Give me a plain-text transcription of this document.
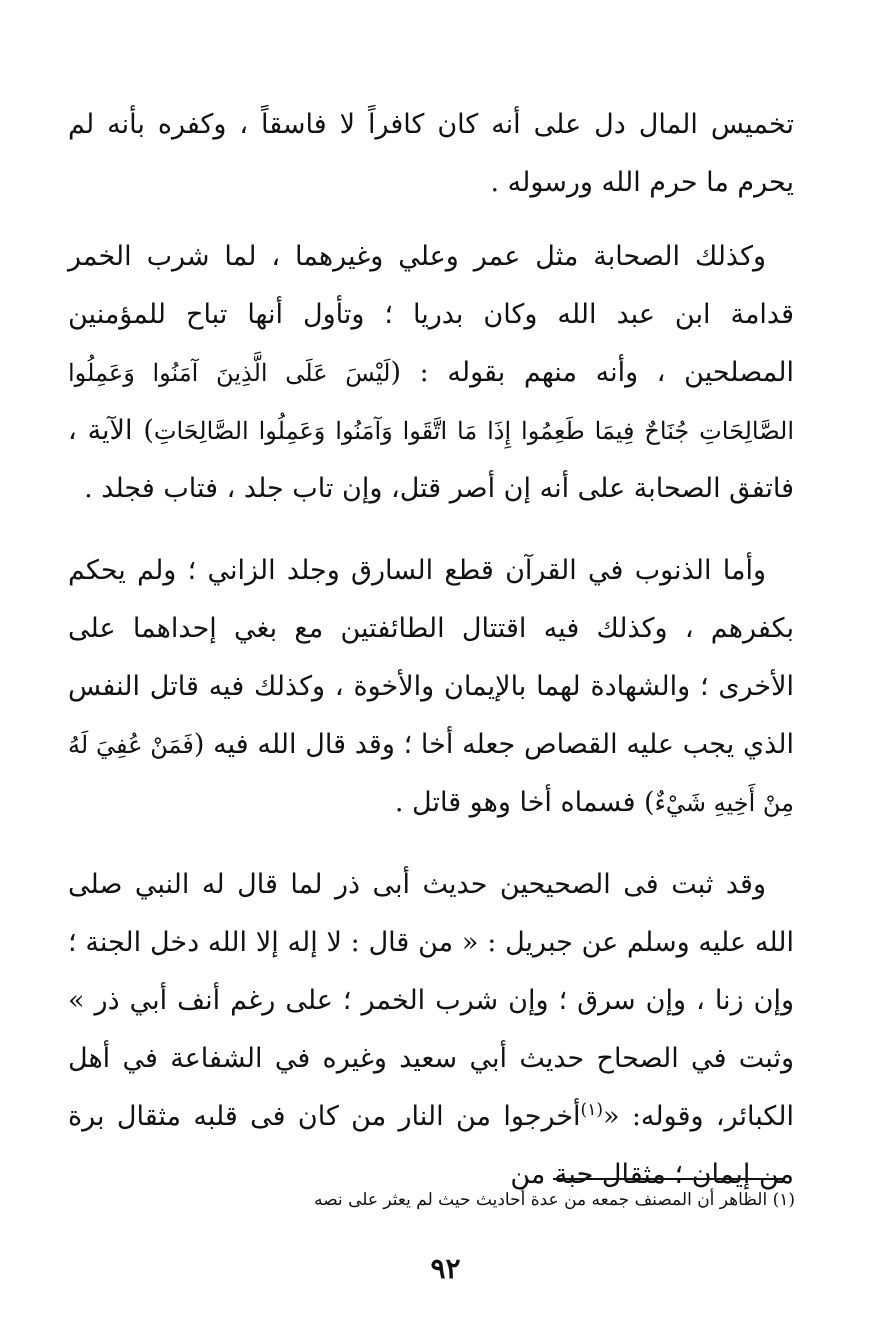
تخميس المال دل على أنه كان كافراً لا فاسقاً ، وكفره بأنه لم يحرم ما حرم الله ورسوله .

وكذلك الصحابة مثل عمر وعلي وغيرهما ، لما شرب الخمر قدامة ابن عبد الله وكان بدريا ؛ وتأول أنها تباح للمؤمنين المصلحين ، وأنه منهم بقوله : (لَيْسَ عَلَى الَّذِينَ آمَنُوا وَعَمِلُوا الصَّالِحَاتِ جُنَاحٌ فِيمَا طَعِمُوا إِذَا مَا اتَّقَوا وَآمَنُوا وَعَمِلُوا الصَّالِحَاتِ) الآية ، فاتفق الصحابة على أنه إن أصر قتل، وإن تاب جلد ، فتاب فجلد .

وأما الذنوب في القرآن قطع السارق وجلد الزاني ؛ ولم يحكم بكفرهم ، وكذلك فيه اقتتال الطائفتين مع بغي إحداهما على الأخرى ؛ والشهادة لهما بالإيمان والأخوة ، وكذلك فيه قاتل النفس الذي يجب عليه القصاص جعله أخا ؛ وقد قال الله فيه (فَمَنْ عُفِيَ لَهُ مِنْ أَخِيهِ شَيْءٌ) فسماه أخا وهو قاتل .

وقد ثبت فى الصحيحين حديث أبى ذر لما قال له النبي صلى الله عليه وسلم عن جبريل : « من قال : لا إله إلا الله دخل الجنة ؛ وإن زنا ، وإن سرق ؛ وإن شرب الخمر ؛ على رغم أنف أبي ذر » وثبت في الصحاح حديث أبي سعيد وغيره في الشفاعة في أهل الكبائر، وقوله: «$^{(١)}$أخرجوا من النار من كان فى قلبه مثقال برة من إيمان ؛ مثقال حبة من

(١) الظاهر أن المصنف جمعه من عدة أحاديث حيث لم يعثر على نصه
٩٢
